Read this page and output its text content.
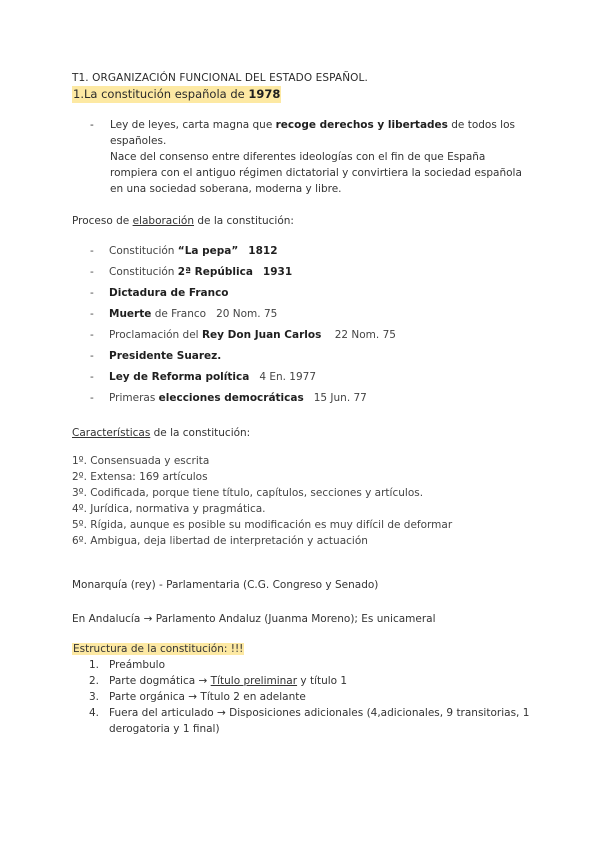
T1. ORGANIZACIÓN FUNCIONAL DEL ESTADO ESPAÑOL.

1.La constitución española de 1978
- Ley de leyes, carta magna que recoge derechos y libertades de todos los españoles.
Nace del consenso entre diferentes ideologías con el fin de que España rompiera con el antiguo régimen dictatorial y convirtiera la sociedad española en una sociedad soberana, moderna y libre.
Proceso de elaboración de la constitución:
- Constitución “La pepa” 1812
- Constitución 2ª República 1931
- Dictadura de Franco
- Muerte de Franco   20 Nom. 75
- Proclamación del Rey Don Juan Carlos    22 Nom. 75
- Presidente Suarez.
- Ley de Reforma política   4 En. 1977
- Primeras elecciones democráticas   15 Jun. 77
Características de la constitución:
1º. Consensuada y escrita
2º. Extensa: 169 artículos
3º. Codificada, porque tiene título, capítulos, secciones y artículos.
4º. Jurídica, normativa y pragmática.
5º. Rígida, aunque es posible su modificación es muy difícil de deformar
6º. Ambigua, deja libertad de interpretación y actuación
Monarquía (rey) - Parlamentaria (C.G. Congreso y Senado)
En Andalucía → Parlamento Andaluz (Juanma Moreno); Es unicameral
Estructura de la constitución: !!!
1. Preámbulo
2. Parte dogmática → Título preliminar y título 1
3. Parte orgánica → Título 2 en adelante
4. Fuera del articulado → Disposiciones adicionales (4,adicionales, 9 transitorias, 1 derogatoria y 1 final)
